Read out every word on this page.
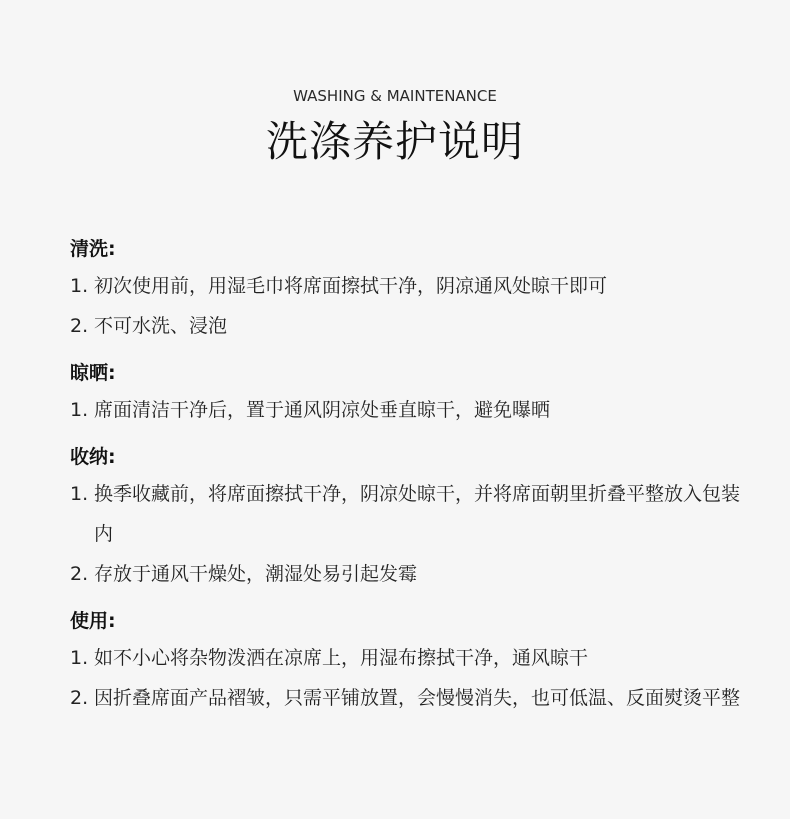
WASHING & MAINTENANCE
洗涤养护说明
清洗:
1. 初次使用前，用湿毛巾将席面擦拭干净，阴凉通风处晾干即可
2. 不可水洗、浸泡
晾晒:
1. 席面清洁干净后，置于通风阴凉处垂直晾干，避免曝晒
收纳:
1. 换季收藏前，将席面擦拭干净，阴凉处晾干，并将席面朝里折叠平整放入包装内
2. 存放于通风干燥处，潮湿处易引起发霉
使用:
1. 如不小心将杂物泼洒在凉席上，用湿布擦拭干净，通风晾干
2. 因折叠席面产品褶皱，只需平铺放置，会慢慢消失，也可低温、反面熨烫平整
